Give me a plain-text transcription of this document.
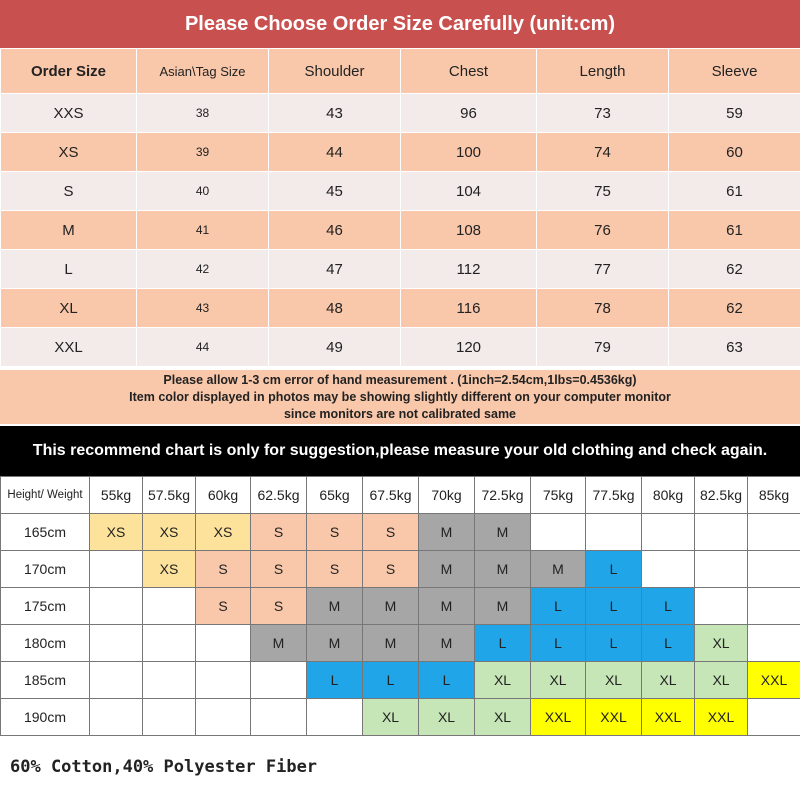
Please Choose Order Size Carefully (unit:cm)
Order Size	Asian\Tag Size	Shoulder	Chest	Length	Sleeve
XXS	38	43	96	73	59
XS	39	44	100	74	60
S	40	45	104	75	61
M	41	46	108	76	61
L	42	47	112	77	62
XL	43	48	116	78	62
XXL	44	49	120	79	63
Please allow 1-3 cm error of hand measurement . (1inch=2.54cm,1lbs=0.4536kg)
Item color displayed in photos may be showing slightly different on your computer monitor
since monitors are not calibrated same
This recommend chart is only for suggestion,please measure your old clothing and check again.
Height/ Weight	55kg	57.5kg	60kg	62.5kg	65kg	67.5kg	70kg	72.5kg	75kg	77.5kg	80kg	82.5kg	85kg
165cm	XS	XS	XS	S	S	S	M	M					
170cm		XS	S	S	S	S	M	M	M	L			
175cm			S	S	M	M	M	M	L	L	L		
180cm				M	M	M	M	L	L	L	L	XL	
185cm					L	L	L	XL	XL	XL	XL	XL	XXL
190cm						XL	XL	XL	XXL	XXL	XXL	XXL	
60% Cotton,40% Polyester Fiber
